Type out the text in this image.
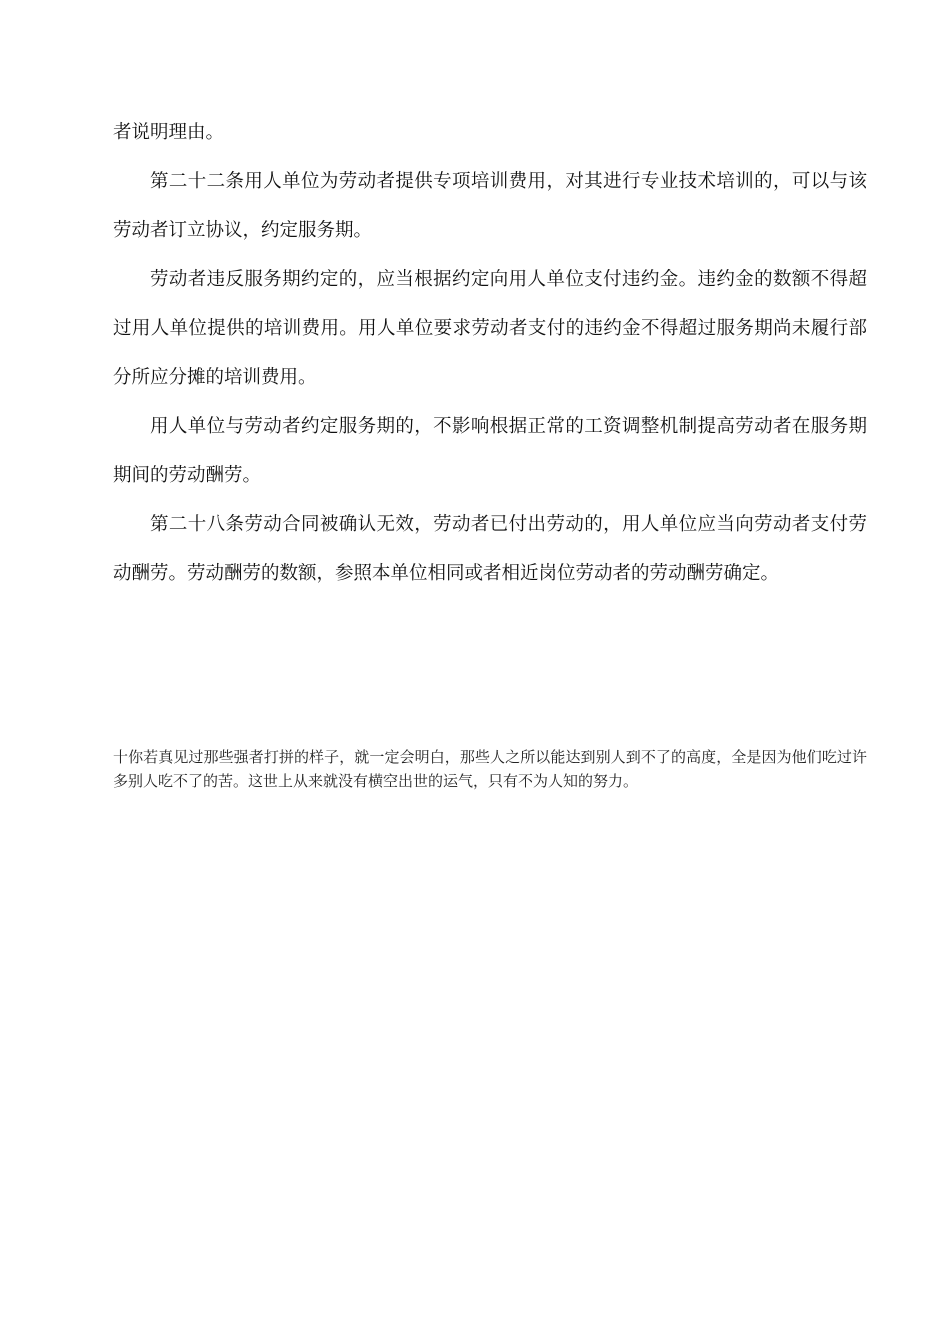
者说明理由。

第二十二条用人单位为劳动者提供专项培训费用，对其进行专业技术培训的，可以与该劳动者订立协议，约定服务期。

劳动者违反服务期约定的，应当根据约定向用人单位支付违约金。违约金的数额不得超过用人单位提供的培训费用。用人单位要求劳动者支付的违约金不得超过服务期尚未履行部分所应分摊的培训费用。

用人单位与劳动者约定服务期的，不影响根据正常的工资调整机制提高劳动者在服务期期间的劳动酬劳。

第二十八条劳动合同被确认无效，劳动者已付出劳动的，用人单位应当向劳动者支付劳动酬劳。劳动酬劳的数额，参照本单位相同或者相近岗位劳动者的劳动酬劳确定。

十你若真见过那些强者打拼的样子，就一定会明白，那些人之所以能达到别人到不了的高度，全是因为他们吃过许多别人吃不了的苦。这世上从来就没有横空出世的运气，只有不为人知的努力。
